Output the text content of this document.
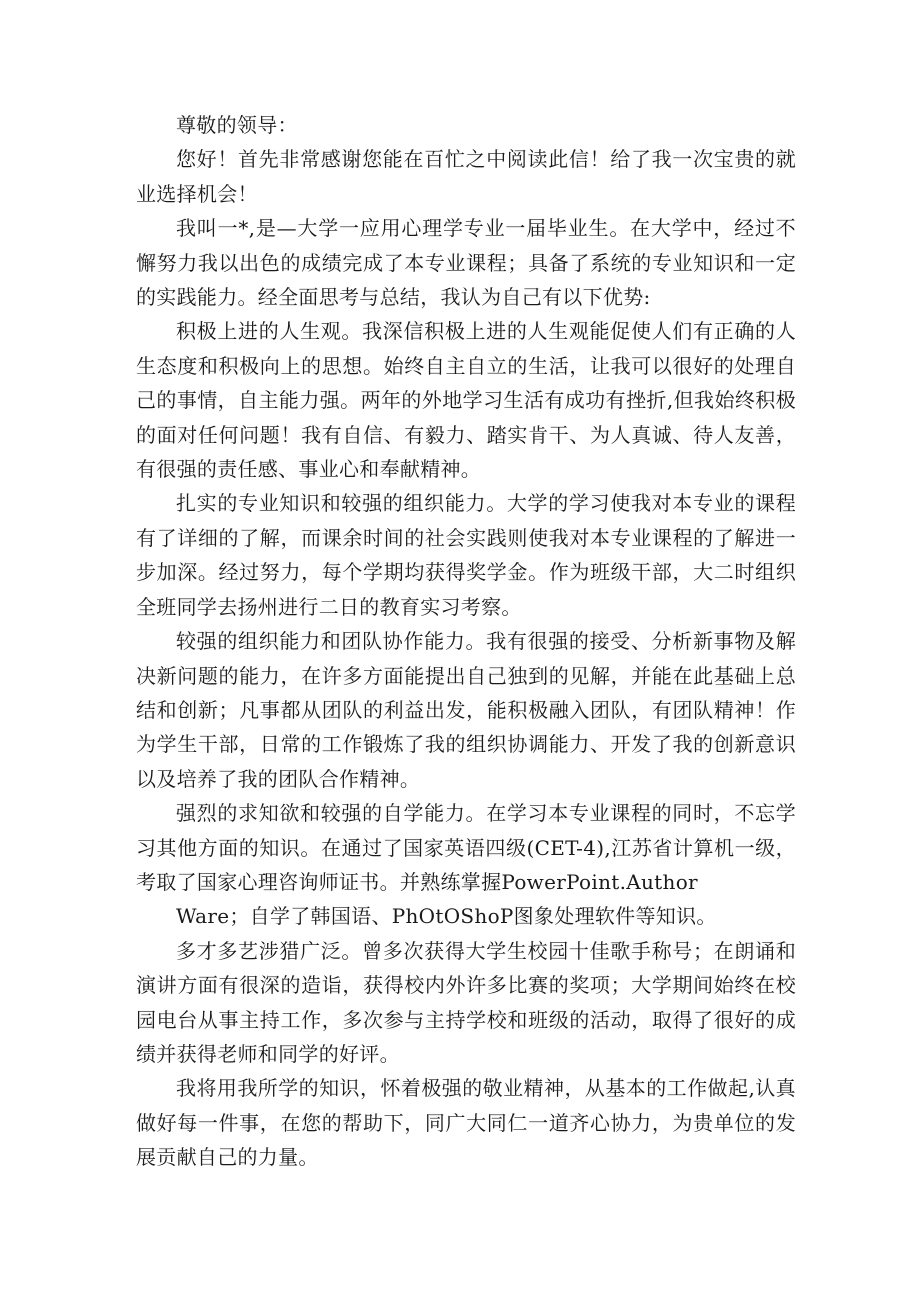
尊敬的领导：

您好！首先非常感谢您能在百忙之中阅读此信！给了我一次宝贵的就业选择机会！

我叫一*,是—大学一应用心理学专业一届毕业生。在大学中，经过不懈努力我以出色的成绩完成了本专业课程；具备了系统的专业知识和一定的实践能力。经全面思考与总结，我认为自己有以下优势:

积极上进的人生观。我深信积极上进的人生观能促使人们有正确的人生态度和积极向上的思想。始终自主自立的生活，让我可以很好的处理自己的事情，自主能力强。两年的外地学习生活有成功有挫折,但我始终积极的面对任何问题！我有自信、有毅力、踏实肯干、为人真诚、待人友善，有很强的责任感、事业心和奉献精神。

扎实的专业知识和较强的组织能力。大学的学习使我对本专业的课程有了详细的了解，而课余时间的社会实践则使我对本专业课程的了解进一步加深。经过努力，每个学期均获得奖学金。作为班级干部，大二时组织全班同学去扬州进行二日的教育实习考察。

较强的组织能力和团队协作能力。我有很强的接受、分析新事物及解决新问题的能力，在许多方面能提出自己独到的见解，并能在此基础上总结和创新；凡事都从团队的利益出发，能积极融入团队，有团队精神！作为学生干部，日常的工作锻炼了我的组织协调能力、开发了我的创新意识以及培养了我的团队合作精神。

强烈的求知欲和较强的自学能力。在学习本专业课程的同时，不忘学习其他方面的知识。在通过了国家英语四级(CET-4),江苏省计算机一级，考取了国家心理咨询师证书。并熟练掌握PowerPoint.Author

Ware；自学了韩国语、PhOtOShoP图象处理软件等知识。

多才多艺涉猎广泛。曾多次获得大学生校园十佳歌手称号；在朗诵和演讲方面有很深的造诣，获得校内外许多比赛的奖项；大学期间始终在校园电台从事主持工作，多次参与主持学校和班级的活动，取得了很好的成绩并获得老师和同学的好评。

我将用我所学的知识，怀着极强的敬业精神，从基本的工作做起,认真做好每一件事，在您的帮助下，同广大同仁一道齐心协力，为贵单位的发展贡献自己的力量。
